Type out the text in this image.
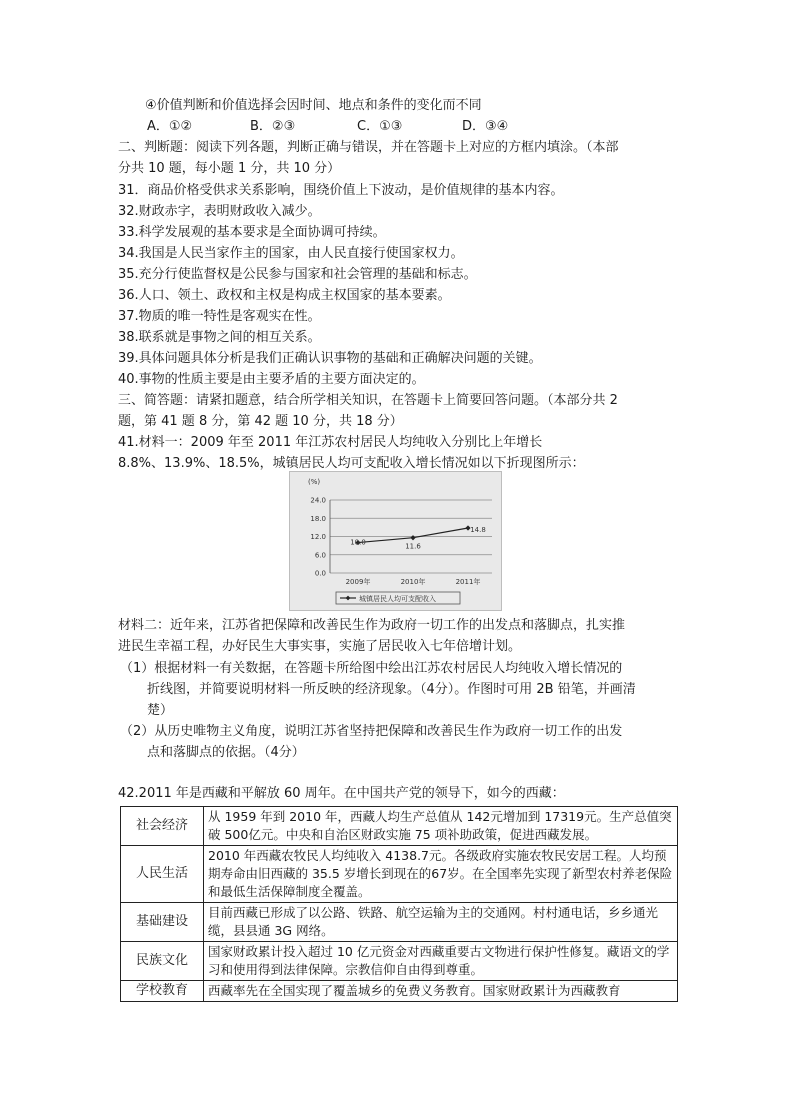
④价值判断和价值选择会因时间、地点和条件的变化而不同
A．①②	B．②③	C．①③	D．③④
二、判断题：阅读下列各题，判断正确与错误，并在答题卡上对应的方框内填涂。（本部
分共 10 题，每小题 1 分，共 10 分）
31．商品价格受供求关系影响，围绕价值上下波动，是价值规律的基本内容。
32.财政赤字，表明财政收入减少。
33.科学发展观的基本要求是全面协调可持续。
34.我国是人民当家作主的国家，由人民直接行使国家权力。
35.充分行使监督权是公民参与国家和社会管理的基础和标志。
36.人口、领土、政权和主权是构成主权国家的基本要素。
37.物质的唯一特性是客观实在性。
38.联系就是事物之间的相互关系。
39.具体问题具体分析是我们正确认识事物的基础和正确解决问题的关键。
40.事物的性质主要是由主要矛盾的主要方面决定的。
三、简答题：请紧扣题意，结合所学相关知识，在答题卡上简要回答问题。（本部分共 2
题，第 41 题 8 分，第 42 题 10 分，共 18 分）
41.材料一：2009 年至 2011 年江苏农村居民人均纯收入分别比上年增长
8.8%、13.9%、18.5%，城镇居民人均可支配收入增长情况如以下折现图所示：
(%)
24.0
18.0
12.0
6.0
0.0
2009年	2010年	2011年
10.0
11.6
14.8
城镇居民人均可支配收入
材料二：近年来，江苏省把保障和改善民生作为政府一切工作的出发点和落脚点，扎实推
进民生幸福工程，办好民生大事实事，实施了居民收入七年倍增计划。
（1）根据材料一有关数据，在答题卡所给图中绘出江苏农村居民人均纯收入增长情况的
折线图，并简要说明材料一所反映的经济现象。（4分）。作图时可用 2B 铅笔，并画清
楚）
（2）从历史唯物主义角度，说明江苏省坚持把保障和改善民生作为政府一切工作的出发
点和落脚点的依据。（4分）
42.2011 年是西藏和平解放 60 周年。在中国共产党的领导下，如今的西藏：
社会经济	从 1959 年到 2010 年，西藏人均生产总值从 142元增加到 17319元。生产总值突破 500亿元。中央和自治区财政实施 75 项补助政策，促进西藏发展。
人民生活	2010 年西藏农牧民人均纯收入 4138.7元。各级政府实施农牧民安居工程。人均预期寿命由旧西藏的 35.5 岁增长到现在的67岁。在全国率先实现了新型农村养老保险和最低生活保障制度全覆盖。
基础建设	目前西藏已形成了以公路、铁路、航空运输为主的交通网。村村通电话，乡乡通光缆，县县通 3G 网络。
民族文化	国家财政累计投入超过 10 亿元资金对西藏重要古文物进行保护性修复。藏语文的学习和使用得到法律保障。宗教信仰自由得到尊重。
学校教育	西藏率先在全国实现了覆盖城乡的免费义务教育。国家财政累计为西藏教育
